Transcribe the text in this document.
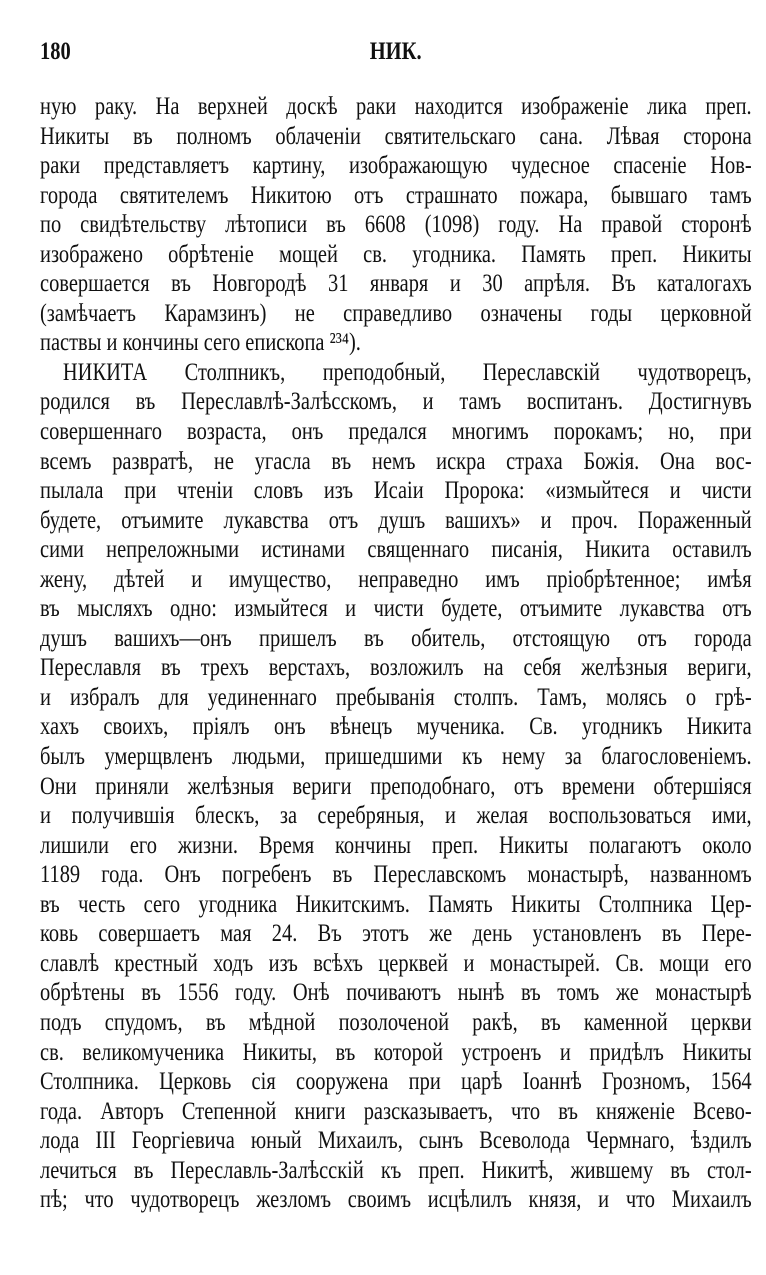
180	НИК.
ную раку. На верхней доскѣ раки находится изображеніе лика преп.
Никиты въ полномъ облаченіи святительскаго сана. Лѣвая сторона
раки представляетъ картину, изображающую чудесное спасеніе Нов-
города святителемъ Никитою отъ страшнато пожара, бывшаго тамъ
по свидѣтельству лѣтописи въ 6608 (1098) году. На правой сторонѣ
изображено обрѣтеніе мощей св. угодника. Память преп. Никиты
совершается въ Новгородѣ 31 января и 30 апрѣля. Въ каталогахъ
(замѣчаетъ Карамзинъ) не справедливо означены годы церковной
паствы и кончины сего епископа ²³⁴).
НИКИТА Столпникъ, преподобный, Переславскій чудотворецъ,
родился въ Переславлѣ-Залѣсскомъ, и тамъ воспитанъ. Достигнувъ
совершеннаго возраста, онъ предался многимъ порокамъ; но, при
всемъ развратѣ, не угасла въ немъ искра страха Божія. Она вос-
пылала при чтеніи словъ изъ Исаіи Пророка: «измыйтеся и чисти
будете, отъимите лукавства отъ душъ вашихъ» и проч. Пораженный
сими непреложными истинами священнаго писанія, Никита оставилъ
жену, дѣтей и имущество, неправедно имъ пріобрѣтенное; имѣя
въ мысляхъ одно: измыйтеся и чисти будете, отъимите лукавства отъ
душъ вашихъ—онъ пришелъ въ обитель, отстоящую отъ города
Переславля въ трехъ верстахъ, возложилъ на себя желѣзныя вериги,
и избралъ для уединеннаго пребыванія столпъ. Тамъ, молясь о грѣ-
хахъ своихъ, пріялъ онъ вѣнецъ мученика. Св. угодникъ Никита
былъ умерщвленъ людьми, пришедшими къ нему за благословеніемъ.
Они приняли желѣзныя вериги преподобнаго, отъ времени обтершіяся
и получившія блескъ, за серебряныя, и желая воспользоваться ими,
лишили его жизни. Время кончины преп. Никиты полагаютъ около
1189 года. Онъ погребенъ въ Переславскомъ монастырѣ, названномъ
въ честь сего угодника Никитскимъ. Память Никиты Столпника Цер-
ковь совершаетъ мая 24. Въ этотъ же день установленъ въ Пере-
славлѣ крестный ходъ изъ всѣхъ церквей и монастырей. Св. мощи его
обрѣтены въ 1556 году. Онѣ почиваютъ нынѣ въ томъ же монастырѣ
подъ спудомъ, въ мѣдной позолоченой ракѣ, въ каменной церкви
св. великомученика Никиты, въ которой устроенъ и придѣлъ Никиты
Столпника. Церковь сія сооружена при царѣ Іоаннѣ Грозномъ, 1564
года. Авторъ Степенной книги разсказываетъ, что въ княженіе Всево-
лода III Георгіевича юный Михаилъ, сынъ Всеволода Чермнаго, ѣздилъ
лечиться въ Переславль-Залѣсскій къ преп. Никитѣ, жившему въ стол-
пѣ; что чудотворецъ жезломъ своимъ исцѣлилъ князя, и что Михаилъ
